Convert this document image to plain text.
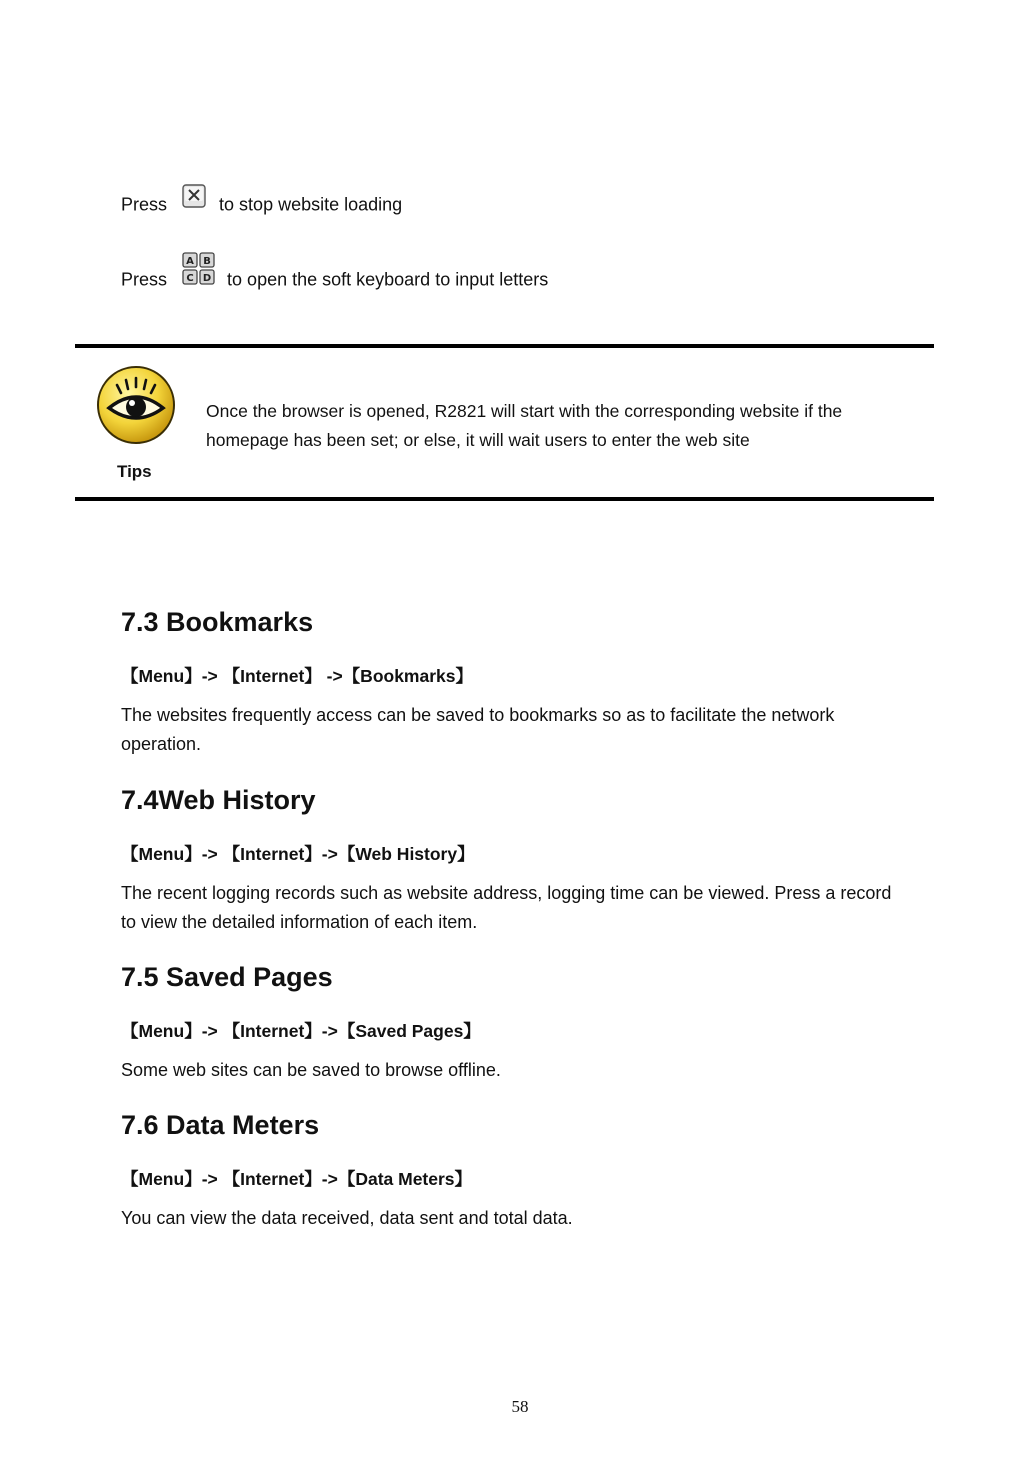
Press	to stop website loading
Press
A B
C D to open the soft keyboard to input letters
Tips
Once the browser is opened, R2821 will start with the corresponding website if the homepage has been set; or else, it will wait users to enter the web site
7.3 Bookmarks
【Menu】-> 【Internet】 ->【Bookmarks】
The websites frequently access can be saved to bookmarks so as to facilitate the network operation.
7.4Web History
【Menu】-> 【Internet】->【Web History】
The recent logging records such as website address, logging time can be viewed. Press a record to view the detailed information of each item.
7.5 Saved Pages
【Menu】-> 【Internet】->【Saved Pages】
Some web sites can be saved to browse offline.
7.6 Data Meters
【Menu】-> 【Internet】->【Data Meters】
You can view the data received, data sent and total data.
58
